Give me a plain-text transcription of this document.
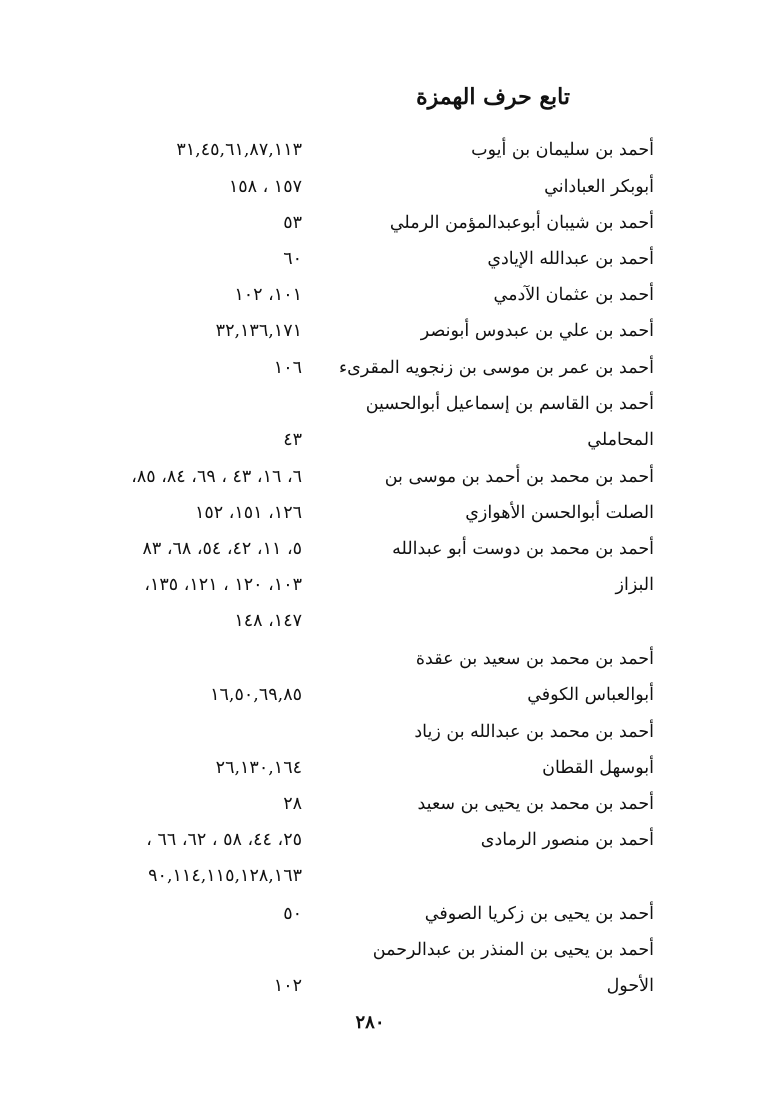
تابع حرف الهمزة
أحمد بن سليمان بن أيوب
٣١,٤٥,٦١,٨٧,١١٣
أبوبكر العباداني
١٥٧ ، ١٥٨
أحمد بن شيبان أبوعبدالمؤمن الرملي
٥٣
أحمد بن عبدالله الإيادي
٦٠
أحمد بن عثمان الآدمي
١٠١، ١٠٢
أحمد بن علي بن عبدوس أبونصر
٣٢,١٣٦,١٧١
أحمد بن عمر بن موسى بن زنجويه المقرىء
١٠٦
أحمد بن القاسم بن إسماعيل أبوالحسين
المحاملي
٤٣
أحمد بن محمد بن أحمد بن موسى بن
٦، ١٦، ٤٣ ، ٦٩، ٨٤، ٨٥،
الصلت أبوالحسن الأهوازي
١٢٦، ١٥١، ١٥٢
أحمد بن محمد بن دوست أبو عبدالله
٥، ١١، ٤٢، ٥٤، ٦٨، ٨٣
البزاز
١٠٣، ١٢٠ ، ١٢١، ١٣٥،
١٤٧، ١٤٨
أحمد بن محمد بن سعيد بن عقدة
أبوالعباس الكوفي
١٦,٥٠,٦٩,٨٥
أحمد بن محمد بن عبدالله بن زياد
أبوسهل القطان
٢٦,١٣٠,١٦٤
أحمد بن محمد بن يحيى بن سعيد
٢٨
أحمد بن منصور الرمادى
٢٥، ٤٤، ٥٨ ، ٦٢، ٦٦ ،
٩٠,١١٤,١١٥,١٢٨,١٦٣
أحمد بن يحيى بن زكريا الصوفي
٥٠
أحمد بن يحيى بن المنذر بن عبدالرحمن
الأحول
١٠٢
٢٨٠
